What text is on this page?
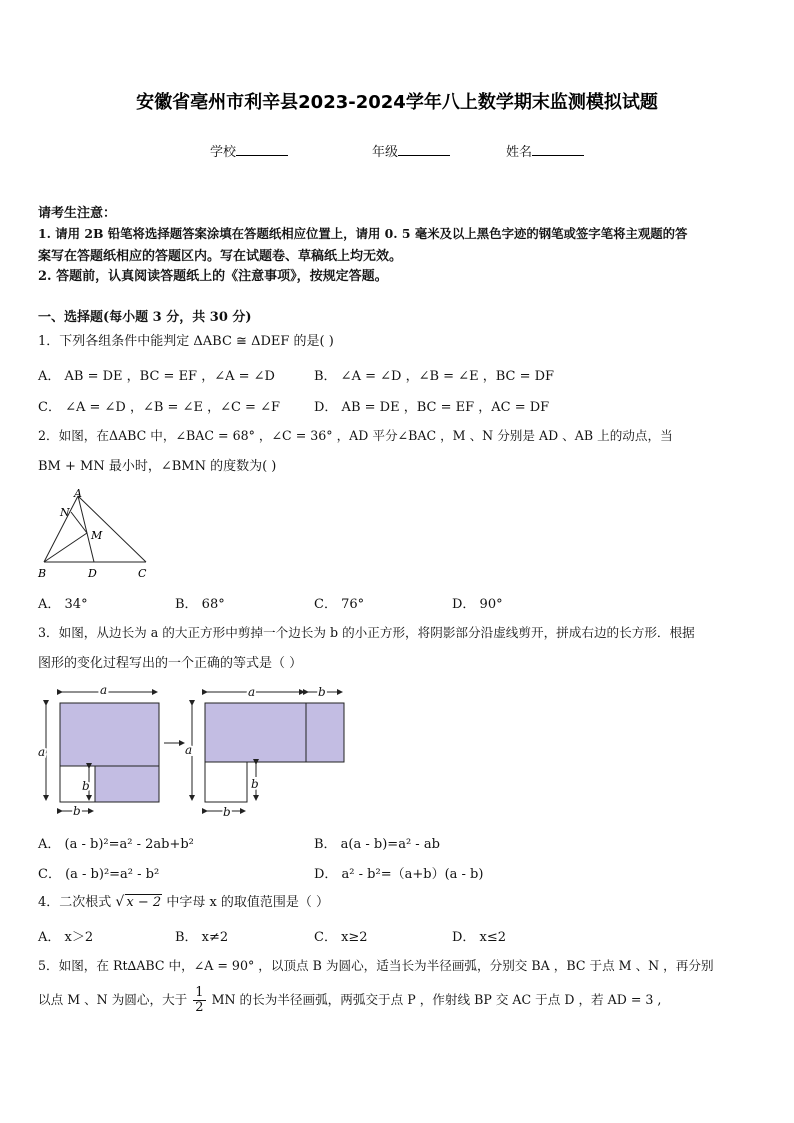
安徽省亳州市利辛县2023-2024学年八上数学期末监测模拟试题
学校	年级	姓名
请考生注意：
1. 请用 2B 铅笔将选择题答案涂填在答题纸相应位置上，请用 0. 5 毫米及以上黑色字迹的钢笔或签字笔将主观题的答
案写在答题纸相应的答题区内。写在试题卷、草稿纸上均无效。
2. 答题前，认真阅读答题纸上的《注意事项》，按规定答题。
一、选择题(每小题 3 分，共 30 分)
1．下列各组条件中能判定 ΔABC ≅ ΔDEF 的是( )
A． AB = DE ，BC = EF ，∠A = ∠D	B． ∠A = ∠D ，∠B = ∠E ，BC = DF
C． ∠A = ∠D ，∠B = ∠E ，∠C = ∠F	D． AB = DE ，BC = EF ，AC = DF
2．如图，在ΔABC 中，∠BAC = 68° ，∠C = 36° ，AD 平分∠BAC ，M 、N 分别是 AD 、AB 上的动点，当
BM + MN 最小时，∠BMN 的度数为( )
A
N
M
B	D	C
A． 34°	B． 68°	C． 76°	D． 90°
3．如图，从边长为 a 的大正方形中剪掉一个边长为 b 的小正方形，将阴影部分沿虚线剪开，拼成右边的长方形．根据
图形的变化过程写出的一个正确的等式是（ ）
a
a
b
b
a	b
a
b
b
A． (a - b)²=a² - 2ab+b²	B． a(a - b)=a² - ab
C． (a - b)²=a² - b²	D． a² - b²=（a+b）(a - b)
4．二次根式 √ x − 2 中字母 x 的取值范围是（ ）
A． x＞2	B． x≠2	C． x≥2	D． x≤2
5．如图，在 Rt∆ABC 中，∠A = 90° ，以顶点 B 为圆心，适当长为半径画弧，分别交 BA ，BC 于点 M 、N ，再分别
以点 M 、N 为圆心，大于 $\frac{1}{2}$ MN 的长为半径画弧，两弧交于点 P ，作射线 BP 交 AC 于点 D ，若 AD = 3 ,
